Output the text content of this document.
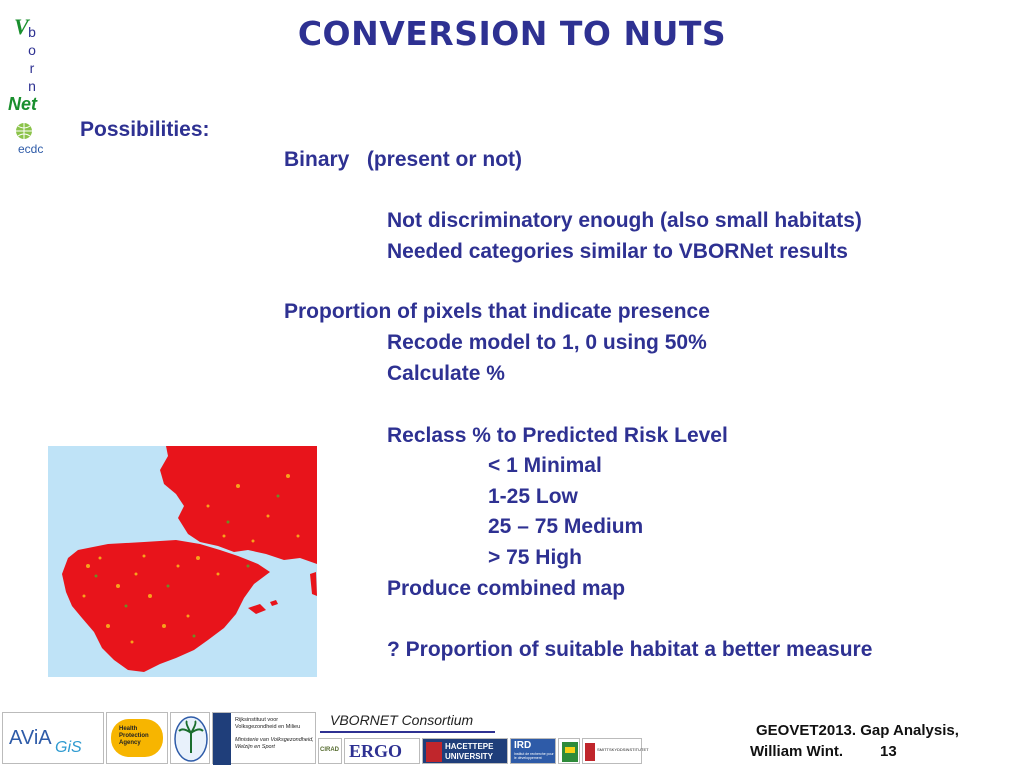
CONVERSION TO NUTS
V b
o
r
n
Net
ecdc
Possibilities:
Binary   (present or not)
Not discriminatory enough (also small habitats)
Needed categories similar to VBORNet results
Proportion of pixels that indicate presence
Recode model to 1, 0 using 50%
Calculate %
Reclass % to Predicted Risk Level
< 1 Minimal
1-25 Low
25 – 75 Medium
> 75 High
Produce combined map
? Proportion of suitable habitat a better measure
AViA GiS
Health Protection Agency
Rijksinstituut voor Volksgezondheid en Milieu
Ministerie van Volksgezondheid, Welzijn en Sport	CIRAD ERGO	HACETTEPE UNIVERSITY
IRD
Institut de recherche pour le développement
SMITTSKYDDSINSTITUTET
VBORNET Consortium
GEOVET2013. Gap Analysis,
William Wint. 13
